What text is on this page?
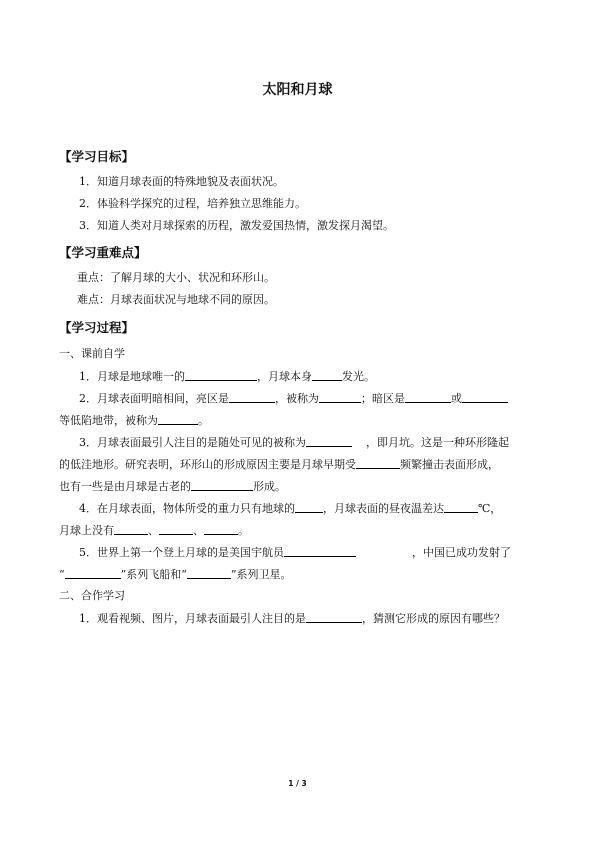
太阳和月球
【学习目标】
1．知道月球表面的特殊地貌及表面状况。
2．体验科学探究的过程，培养独立思维能力。
3．知道人类对月球探索的历程，激发爱国热情，激发探月渴望。
【学习重难点】
重点：了解月球的大小、状况和环形山。
难点：月球表面状况与地球不同的原因。
【学习过程】
一、课前自学
1．月球是地球唯一的	，月球本身	发光。
2．月球表面明暗相间，亮区是	，被称为	；暗区是	或
等低陷地带，被称为	。
3．月球表面最引人注目的是随处可见的被称为	，即月坑。这是一种环形隆起
的低洼地形。研究表明，环形山的形成原因主要是月球早期受	频繁撞击表面形成，
也有一些是由月球是古老的	形成。
4．在月球表面，物体所受的重力只有地球的	，月球表面的昼夜温差达	℃，
月球上没有	、	、	。
5．世界上第一个登上月球的是美国宇航员	，中国已成功发射了
“	”系列飞船和“	”系列卫星。
二、合作学习
1．观看视频、图片，月球表面最引人注目的是	，猜测它形成的原因有哪些？
1 / 3
